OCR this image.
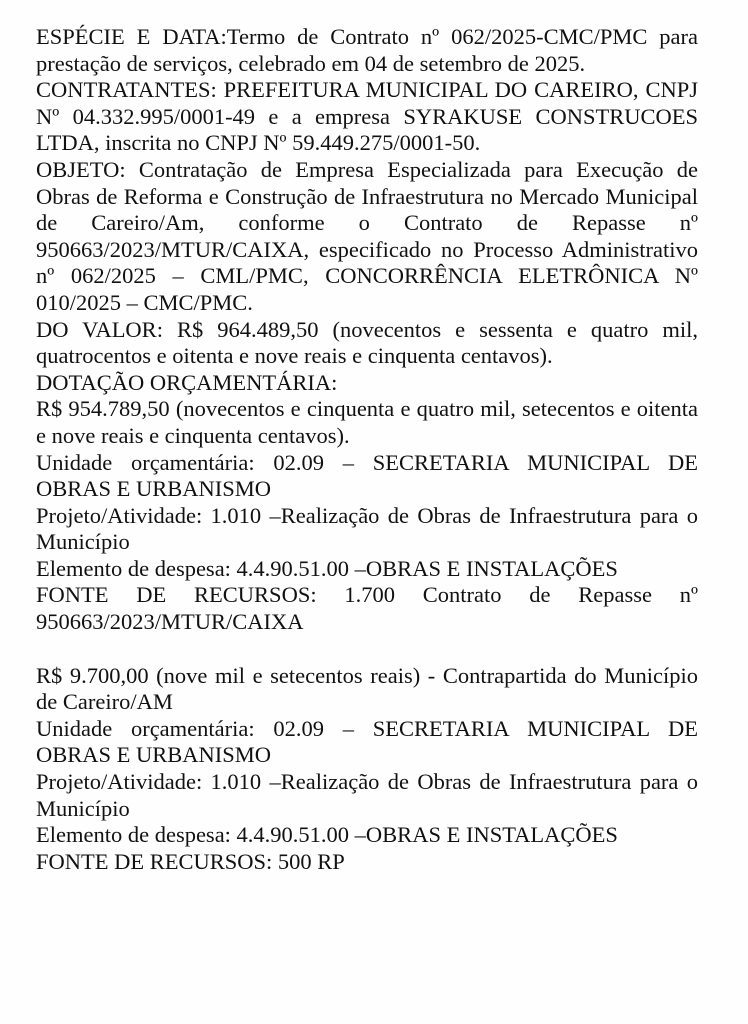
ESPÉCIE E DATA:Termo de Contrato nº 062/2025-CMC/PMC para prestação de serviços, celebrado em 04 de setembro de 2025.

CONTRATANTES: PREFEITURA MUNICIPAL DO CAREIRO, CNPJ Nº 04.332.995/0001-49 e a empresa SYRAKUSE CONSTRUCOES LTDA, inscrita no CNPJ Nº 59.449.275/0001-50.

OBJETO: Contratação de Empresa Especializada para Execução de Obras de Reforma e Construção de Infraestrutura no Mercado Municipal de Careiro/Am, conforme o Contrato de Repasse nº 950663/2023/MTUR/CAIXA, especificado no Processo Administrativo nº 062/2025 – CML/PMC, CONCORRÊNCIA ELETRÔNICA Nº 010/2025 – CMC/PMC.

DO VALOR: R$ 964.489,50 (novecentos e sessenta e quatro mil, quatrocentos e oitenta e nove reais e cinquenta centavos).

DOTAÇÃO ORÇAMENTÁRIA:

R$ 954.789,50 (novecentos e cinquenta e quatro mil, setecentos e oitenta e nove reais e cinquenta centavos).

Unidade orçamentária: 02.09 – SECRETARIA MUNICIPAL DE OBRAS E URBANISMO

Projeto/Atividade: 1.010 –Realização de Obras de Infraestrutura para o Município

Elemento de despesa: 4.4.90.51.00 –OBRAS E INSTALAÇÕES

FONTE DE RECURSOS: 1.700 Contrato de Repasse nº 950663/2023/MTUR/CAIXA

R$ 9.700,00 (nove mil e setecentos reais) - Contrapartida do Município de Careiro/AM

Unidade orçamentária: 02.09 – SECRETARIA MUNICIPAL DE OBRAS E URBANISMO

Projeto/Atividade: 1.010 –Realização de Obras de Infraestrutura para o Município

Elemento de despesa: 4.4.90.51.00 –OBRAS E INSTALAÇÕES

FONTE DE RECURSOS: 500 RP
